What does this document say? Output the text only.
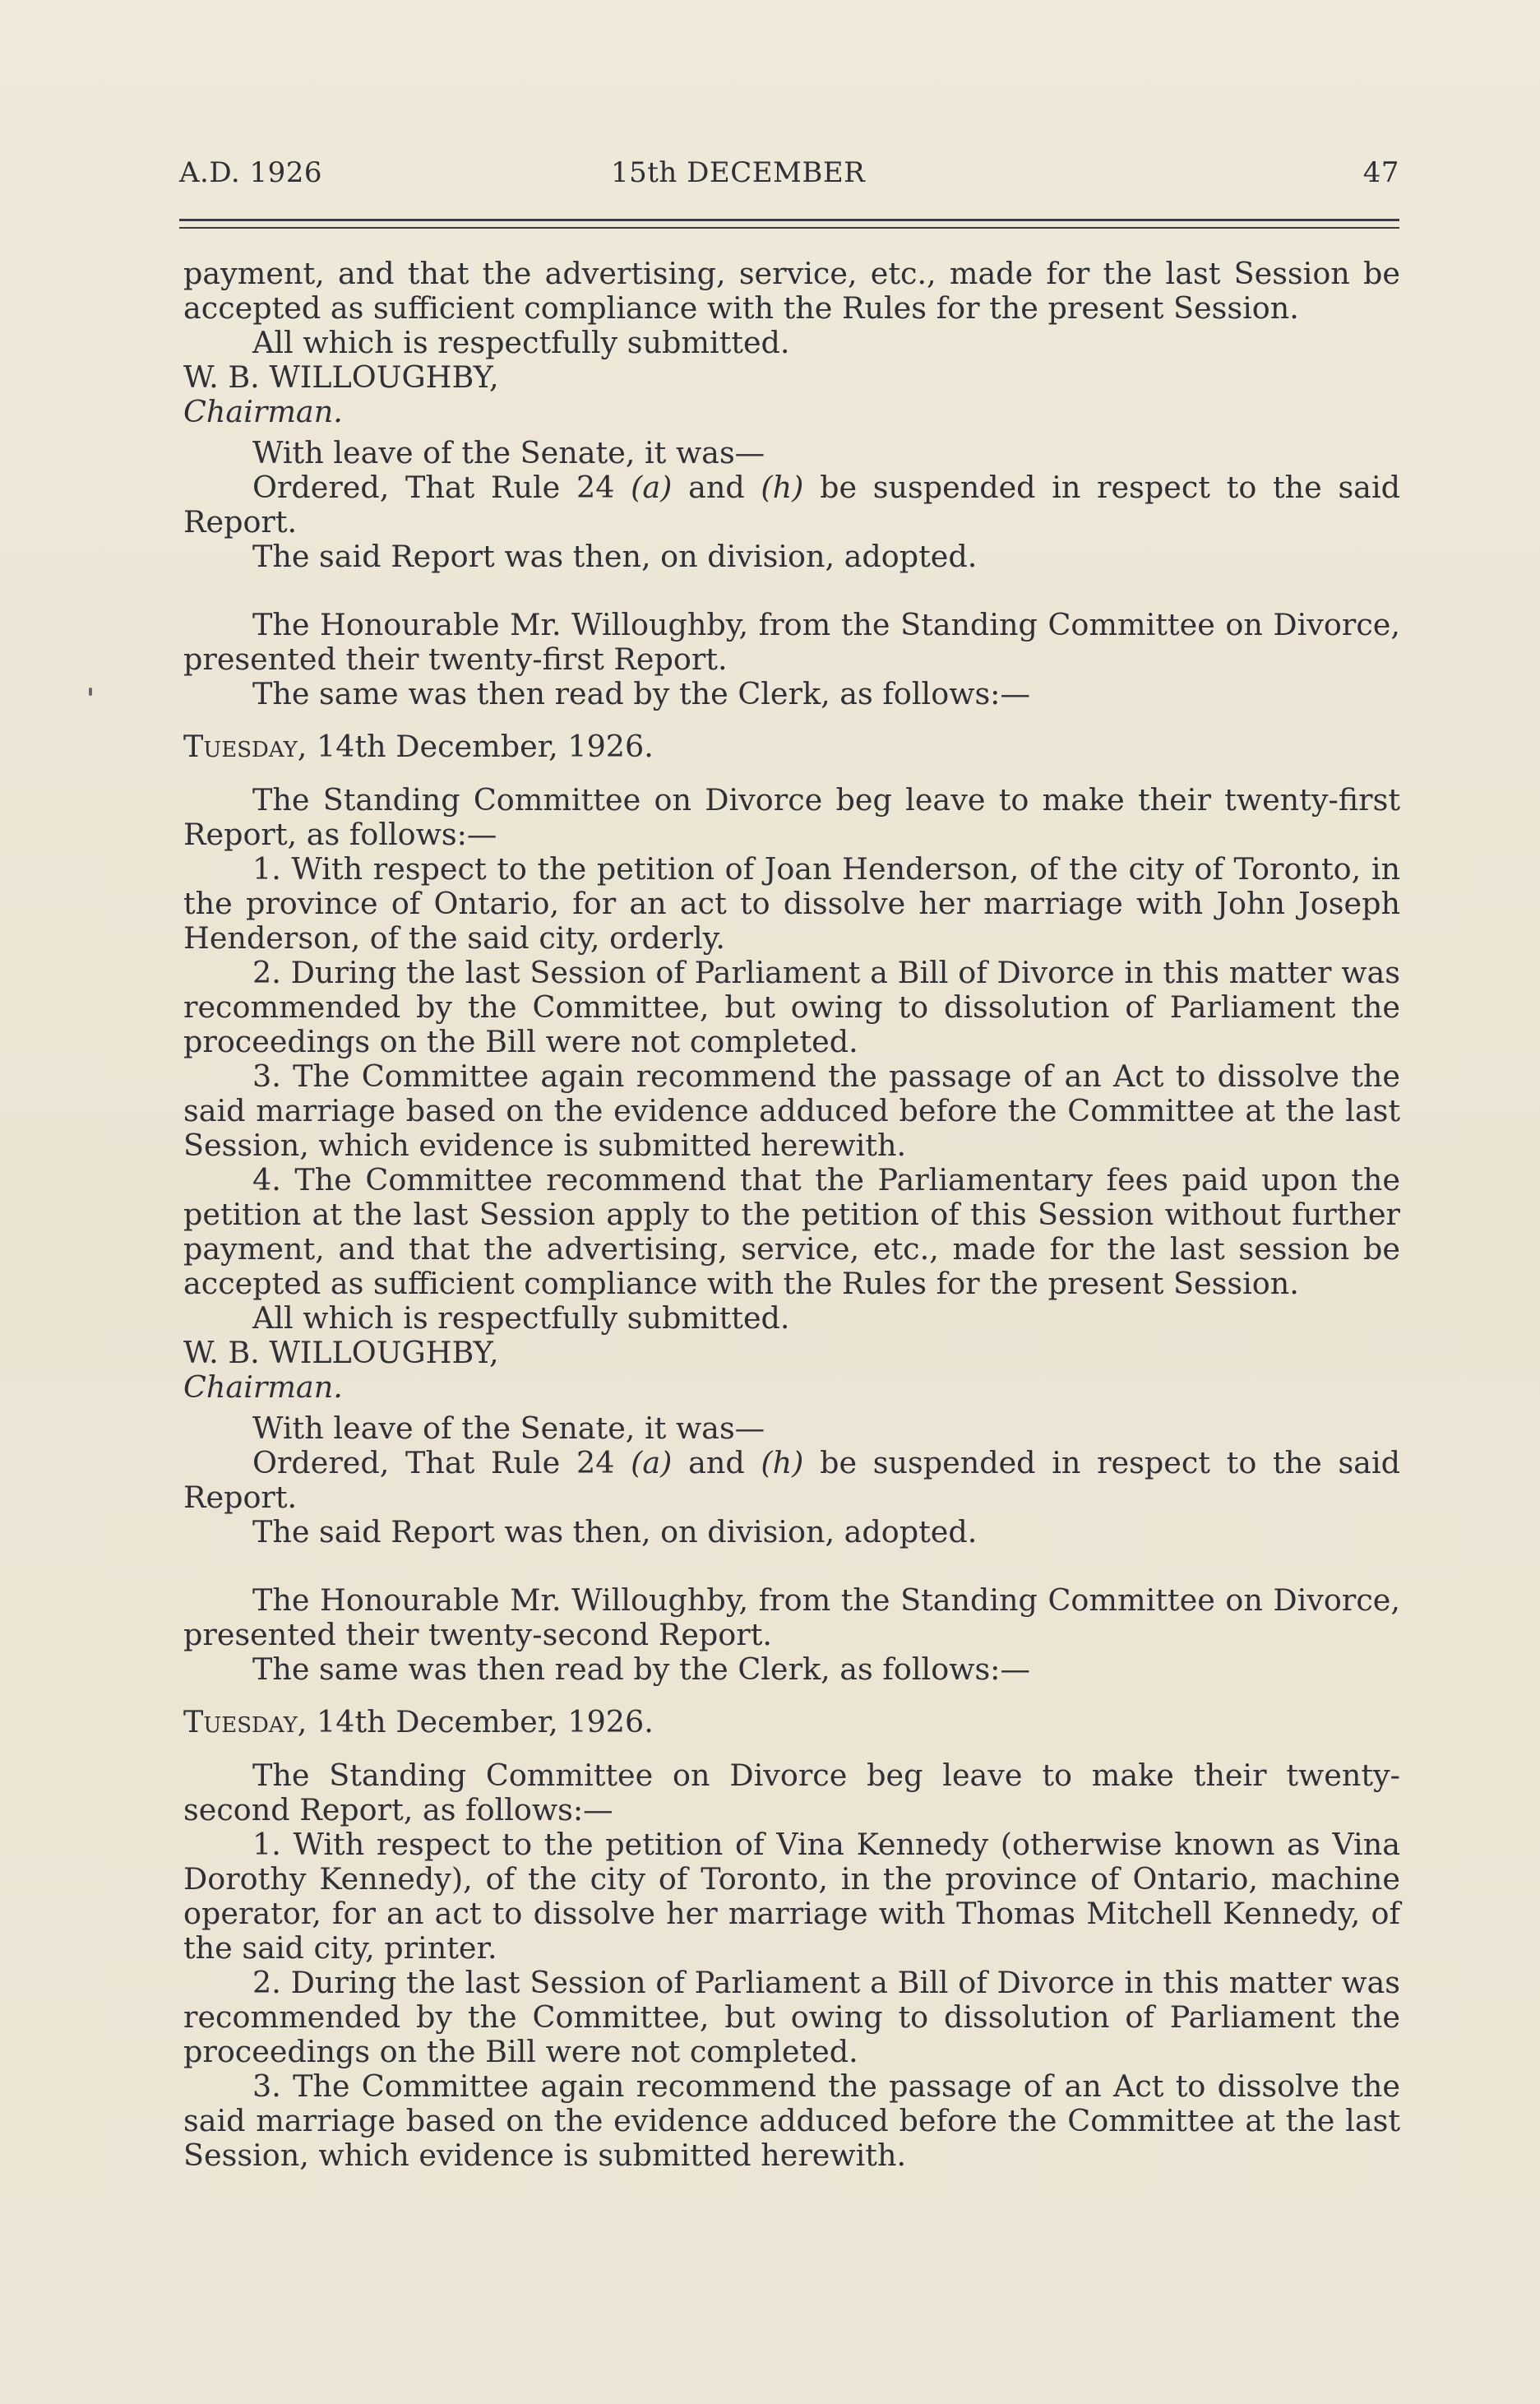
A.D. 1926	15th DECEMBER	47

payment, and that the advertising, service, etc., made for the last Session be accepted as sufficient compliance with the Rules for the present Session.

All which is respectfully submitted.

W. B. WILLOUGHBY,

Chairman.

With leave of the Senate, it was—

Ordered, That Rule 24 (a) and (h) be suspended in respect to the said Report.

The said Report was then, on division, adopted.

The Honourable Mr. Willoughby, from the Standing Committee on Divorce, presented their twenty-first Report.

The same was then read by the Clerk, as follows:—

Tuesday, 14th December, 1926.

The Standing Committee on Divorce beg leave to make their twenty-first Report, as follows:—

1. With respect to the petition of Joan Henderson, of the city of Toronto, in the province of Ontario, for an act to dissolve her marriage with John Joseph Henderson, of the said city, orderly.

2. During the last Session of Parliament a Bill of Divorce in this matter was recommended by the Committee, but owing to dissolution of Parliament the proceedings on the Bill were not completed.

3. The Committee again recommend the passage of an Act to dissolve the said marriage based on the evidence adduced before the Committee at the last Session, which evidence is submitted herewith.

4. The Committee recommend that the Parliamentary fees paid upon the petition at the last Session apply to the petition of this Session without further payment, and that the advertising, service, etc., made for the last session be accepted as sufficient compliance with the Rules for the present Session.

All which is respectfully submitted.

W. B. WILLOUGHBY,

Chairman.

With leave of the Senate, it was—

Ordered, That Rule 24 (a) and (h) be suspended in respect to the said Report.

The said Report was then, on division, adopted.

The Honourable Mr. Willoughby, from the Standing Committee on Divorce, presented their twenty-second Report.

The same was then read by the Clerk, as follows:—

Tuesday, 14th December, 1926.

The Standing Committee on Divorce beg leave to make their twenty-second Report, as follows:—

1. With respect to the petition of Vina Kennedy (otherwise known as Vina Dorothy Kennedy), of the city of Toronto, in the province of Ontario, machine operator, for an act to dissolve her marriage with Thomas Mitchell Kennedy, of the said city, printer.

2. During the last Session of Parliament a Bill of Divorce in this matter was recommended by the Committee, but owing to dissolution of Parliament the proceedings on the Bill were not completed.

3. The Committee again recommend the passage of an Act to dissolve the said marriage based on the evidence adduced before the Committee at the last Session, which evidence is submitted herewith.
